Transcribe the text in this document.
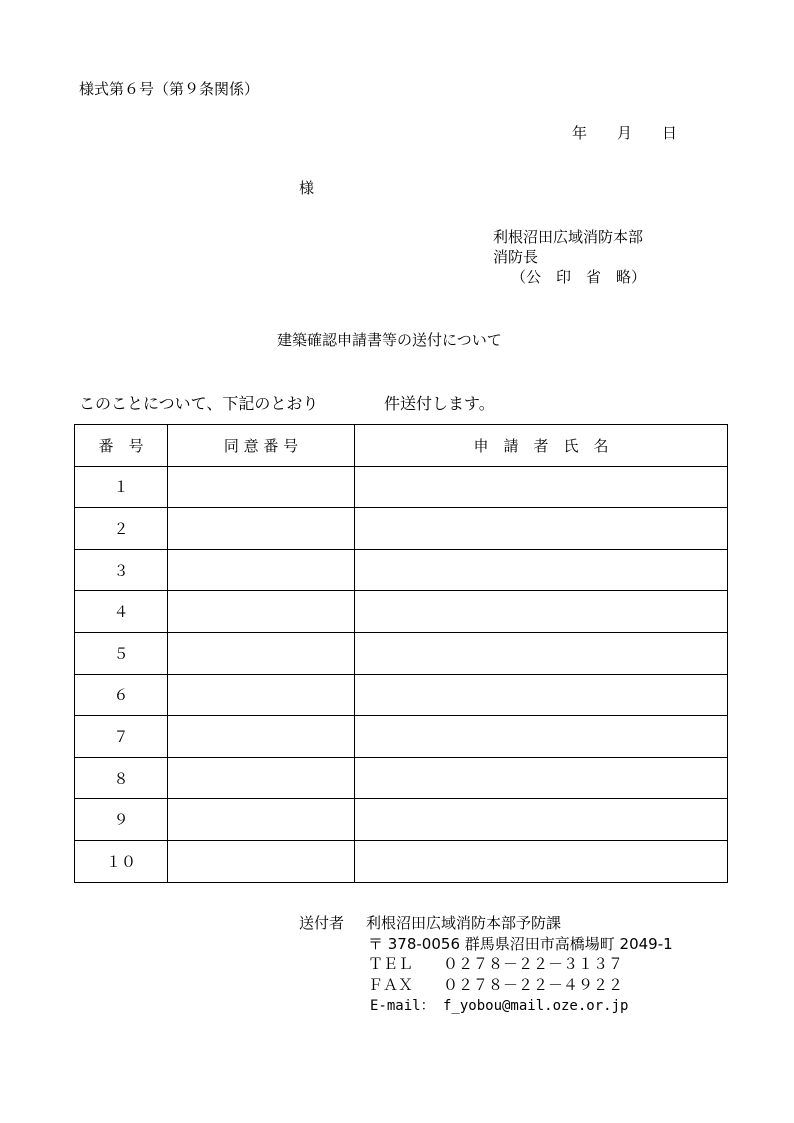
様式第６号（第９条関係）
年　　月　　日
様
利根沼田広域消防本部
消防長
（公　印　省　略）
建築確認申請書等の送付について
このことについて、下記のとおり	件送付します。
番　号	同 意 番 号	申　請　者　氏　名
１		
２		
３		
４		
５		
６		
７		
８		
９		
１０		
送付者 利根沼田広域消防本部予防課
〒 378-0056 群馬県沼田市高橋場町 2049-1
ＴＥＬ　　０２７８－２２－３１３７
ＦＡＸ　　０２７８－２２－４９２２
E-mail： f_yobou@mail.oze.or.jp
